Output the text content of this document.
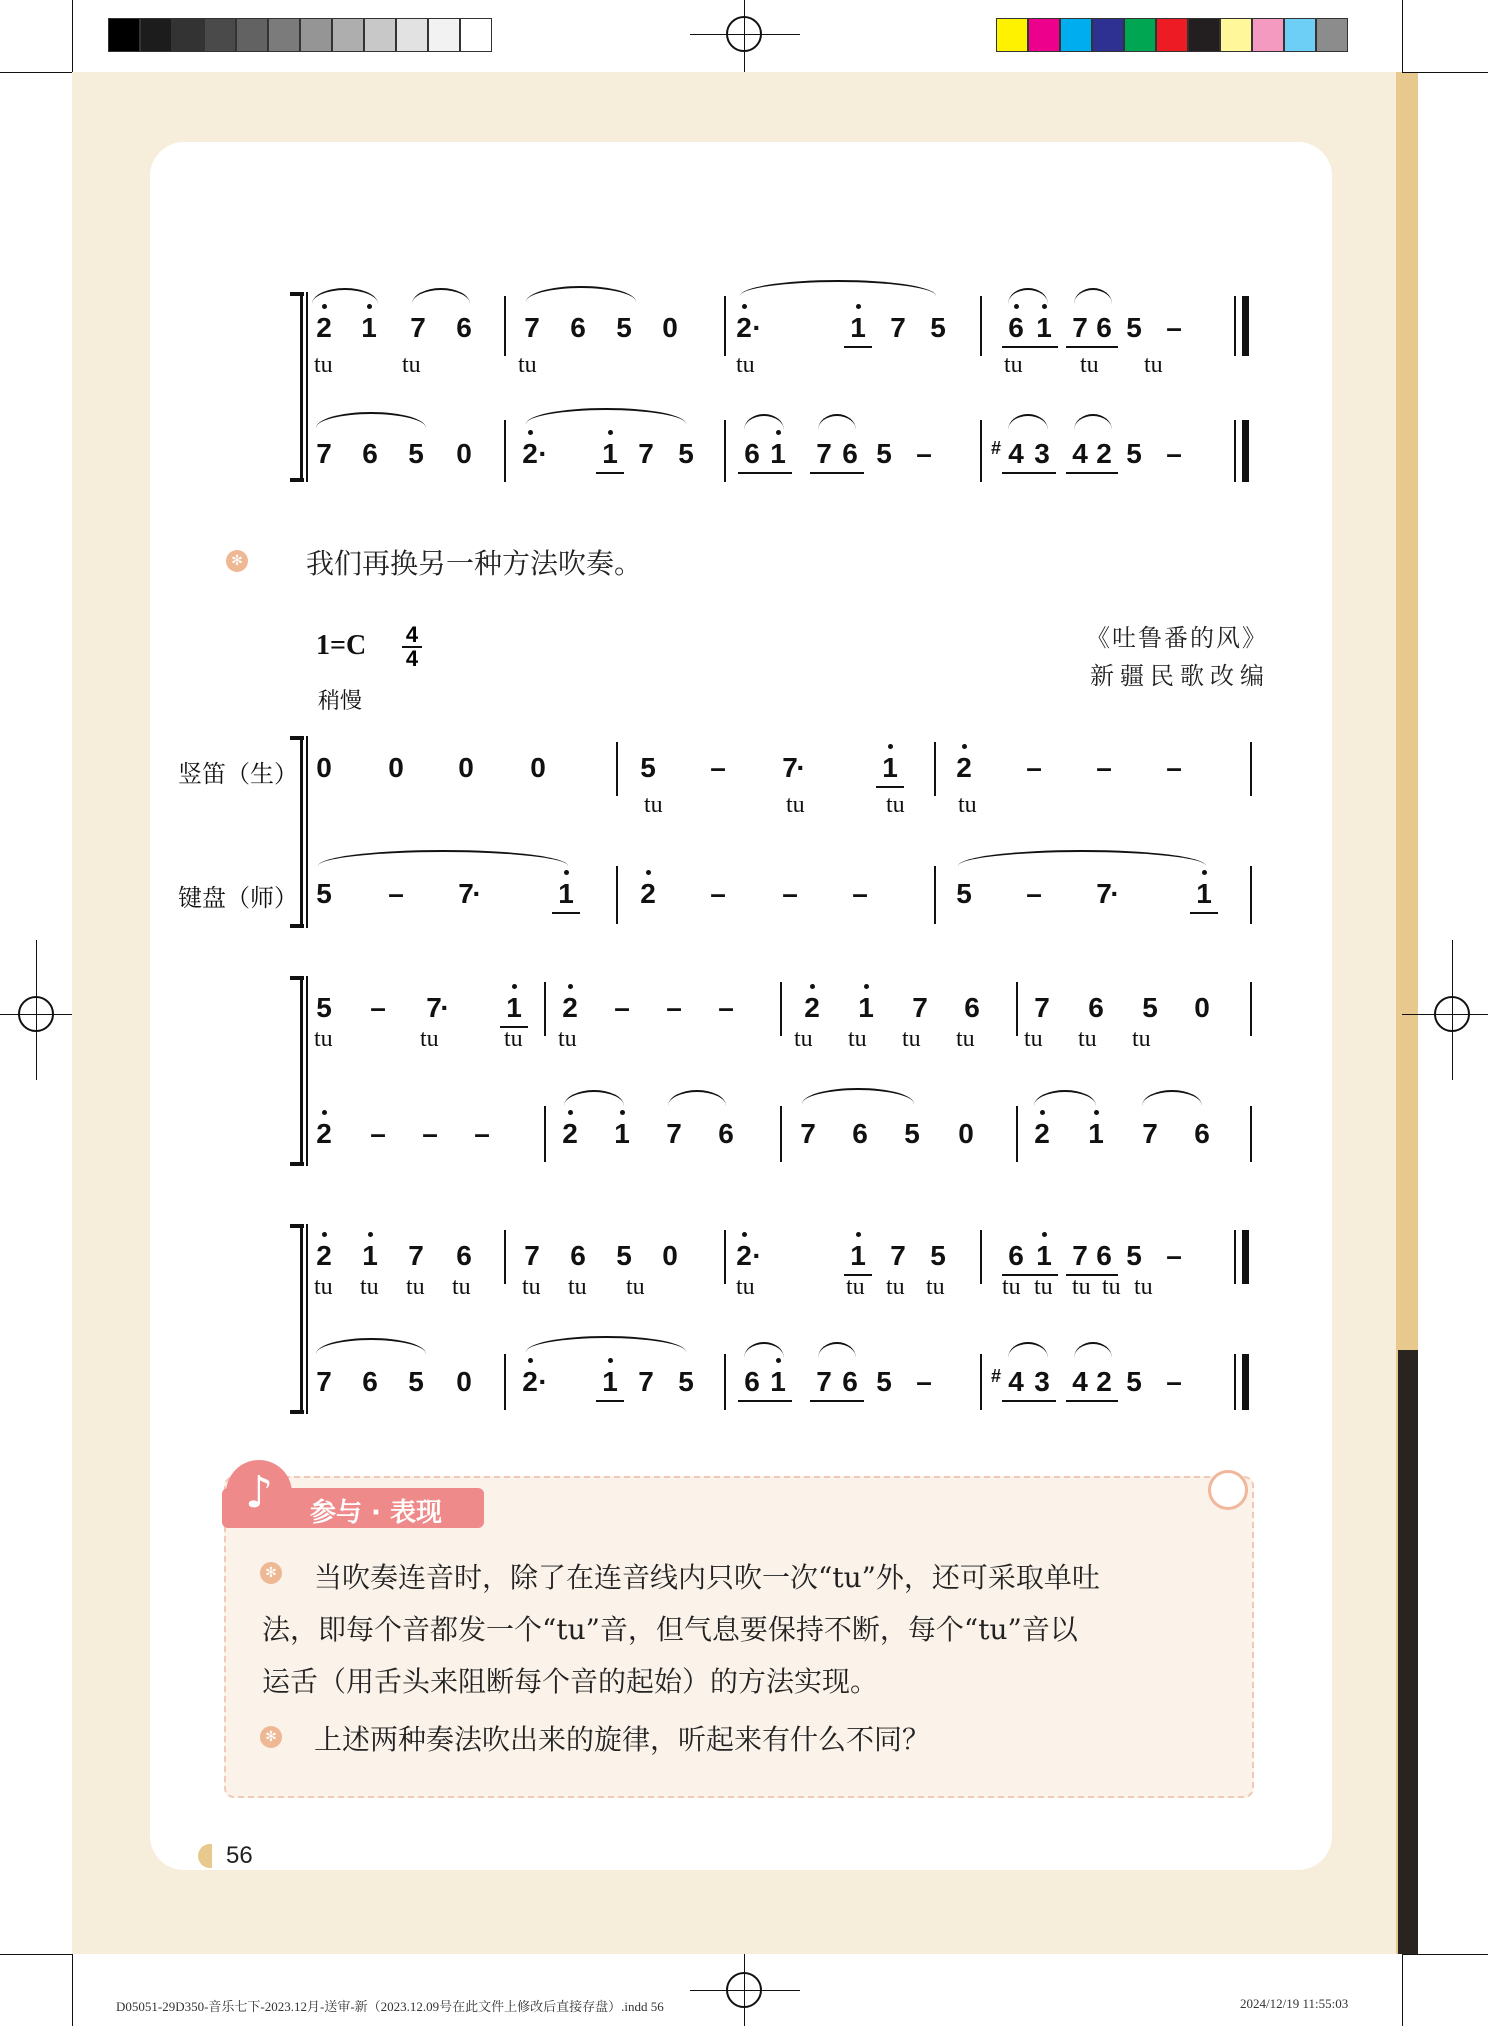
2 1 7 6 7 6 5 0 2 ·	1 7 5 6 1 7 6 5 –
tu	tu	tu	tu	tu tu tu
7 6 5 0 2 · 1 7 5 6 1 7 6 5 –	# 4 3 4 2 5 –
✻ 我们再换另一种方法吹奏。
1=C 4
4
稍慢
《吐鲁番的风》
新疆民歌改编
竖笛（生）
键盘（师）
0 0 0 0	5 – 7
·	1 2 – – –
tu	tu	tu tu
5 – 7
·	1 2 – – –	5 – 7
·	1
5 – 7
· 1 2 – – –	2 1 7 6 7 6 5 0
tu	tu	tu tu	tu tu tu tu tu tu tu
2 – – –	2 1 7 6 7 6 5 0 2 1 7 6
2 1 7 6 7 6 5 0 2 ·	1 7 5 6 1 7 6 5 –
tu tu tu tu tu tu tu	tu	tu tu tu tu tu tu tu tu
7 6 5 0 2 · 1 7 5 6 1 7 6 5 –	# 4 3 4 2 5 –
♪	参与 · 表现
✻ 当吹奏连音时，除了在连音线内只吹一次“tu”外，还可采取单吐
法，即每个音都发一个“tu”音，但气息要保持不断，每个“tu”音以
运舌（用舌头来阻断每个音的起始）的方法实现。
✻ 上述两种奏法吹出来的旋律，听起来有什么不同？
56
D05051-29D350-音乐七下-2023.12月-送审-新（2023.12.09号在此文件上修改后直接存盘）.indd 56	2024/12/19 11:55:03
